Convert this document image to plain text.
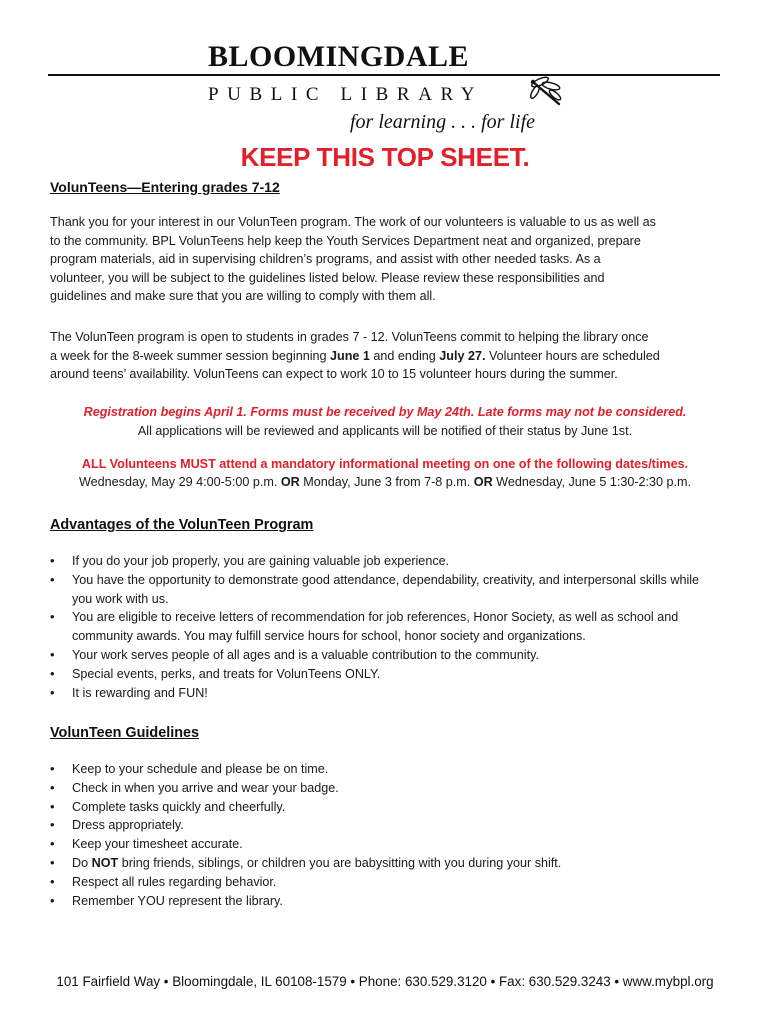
BLOOMINGDALE
PUBLIC LIBRARY
for learning . . . for life
KEEP THIS TOP SHEET.
VolunTeens—Entering grades 7-12
Thank you for your interest in our VolunTeen program. The work of our volunteers is valuable to us as well as
to the community. BPL VolunTeens help keep the Youth Services Department neat and organized, prepare
program materials, aid in supervising children’s programs, and assist with other needed tasks. As a
volunteer, you will be subject to the guidelines listed below. Please review these responsibilities and
guidelines and make sure that you are willing to comply with them all.
The VolunTeen program is open to students in grades 7 - 12. VolunTeens commit to helping the library once
a week for the 8-week summer session beginning June 1 and ending July 27. Volunteer hours are scheduled
around teens’ availability. VolunTeens can expect to work 10 to 15 volunteer hours during the summer.
Registration begins April 1. Forms must be received by May 24th. Late forms may not be considered.
All applications will be reviewed and applicants will be notified of their status by June 1st.
ALL Volunteens MUST attend a mandatory informational meeting on one of the following dates/times.
Wednesday, May 29 4:00-5:00 p.m. OR Monday, June 3 from 7-8 p.m. OR Wednesday, June 5 1:30-2:30 p.m.
Advantages of the VolunTeen Program
• If you do your job properly, you are gaining valuable job experience.
• You have the opportunity to demonstrate good attendance, dependability, creativity, and interpersonal skills while you work with us.
• You are eligible to receive letters of recommendation for job references, Honor Society, as well as school and community awards. You may fulfill service hours for school, honor society and organizations.
• Your work serves people of all ages and is a valuable contribution to the community.
• Special events, perks, and treats for VolunTeens ONLY.
• It is rewarding and FUN!
VolunTeen Guidelines
• Keep to your schedule and please be on time.
• Check in when you arrive and wear your badge.
• Complete tasks quickly and cheerfully.
• Dress appropriately.
• Keep your timesheet accurate.
• Do NOT bring friends, siblings, or children you are babysitting with you during your shift.
• Respect all rules regarding behavior.
• Remember YOU represent the library.
101 Fairfield Way • Bloomingdale, IL 60108-1579 • Phone: 630.529.3120 • Fax: 630.529.3243 • www.mybpl.org
